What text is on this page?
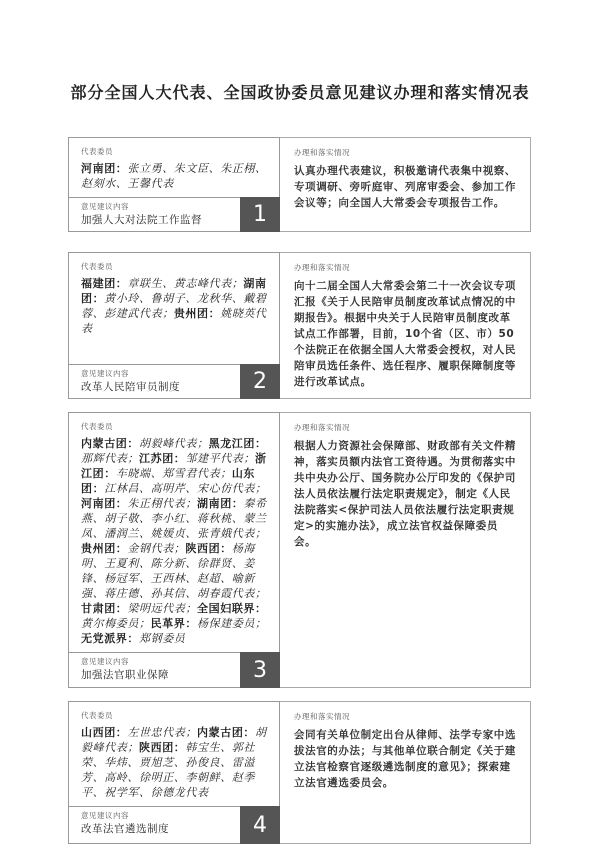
部分全国人大代表、全国政协委员意见建议办理和落实情况表
代表委员
河南团：张立勇、朱文臣、朱正栩、赵刻水、王馨代表
意见建议内容
加强人大对法院工作监督	1
办理和落实情况
认真办理代表建议，积极邀请代表集中视察、专项调研、旁听庭审、列席审委会、参加工作会议等；向全国人大常委会专项报告工作。
代表委员
福建团：章联生、黄志峰代表；湖南团：黄小玲、鲁胡子、龙秋华、戴碧蓉、彭建武代表；贵州团：姚晓英代表
意见建议内容
改革人民陪审员制度	2
办理和落实情况
向十二届全国人大常委会第二十一次会议专项汇报《关于人民陪审员制度改革试点情况的中期报告》。根据中央关于人民陪审员制度改革试点工作部署，目前，10个省（区、市）50个法院正在依据全国人大常委会授权，对人民陪审员选任条件、选任程序、履职保障制度等进行改革试点。
代表委员
内蒙古团：胡毅峰代表；黑龙江团：那辉代表；江苏团：邹建平代表；浙江团：车晓端、郑雪君代表；山东团：江林昌、高明芹、宋心仿代表；河南团：朱正栩代表；湖南团：秦希燕、胡子敬、李小红、蒋秋桃、蒙兰凤、潘润兰、姚媛贞、张青娥代表；贵州团：金钢代表；陕西团：杨海明、王夏利、陈分新、徐群贤、姜锋、杨冠军、王西林、赵超、喻新强、蒋庄德、孙其信、胡春霞代表；甘肃团：梁明远代表；全国妇联界：黄尔梅委员；民革界：杨保建委员；无党派界：郑钢委员
意见建议内容
加强法官职业保障	3
办理和落实情况
根据人力资源社会保障部、财政部有关文件精神，落实员额内法官工资待遇。为贯彻落实中共中央办公厅、国务院办公厅印发的《保护司法人员依法履行法定职责规定》，制定《人民法院落实<保护司法人员依法履行法定职责规定>的实施办法》，成立法官权益保障委员会。
代表委员
山西团：左世忠代表；内蒙古团：胡毅峰代表；陕西团：韩宝生、郭社荣、华炜、贾旭芝、孙俊良、雷溢芳、高岭、徐明正、李朝鲜、赵季平、祝学军、徐德龙代表
意见建议内容
改革法官遴选制度	4
办理和落实情况
会同有关单位制定出台从律师、法学专家中选拔法官的办法；与其他单位联合制定《关于建立法官检察官逐级遴选制度的意见》；探索建立法官遴选委员会。
